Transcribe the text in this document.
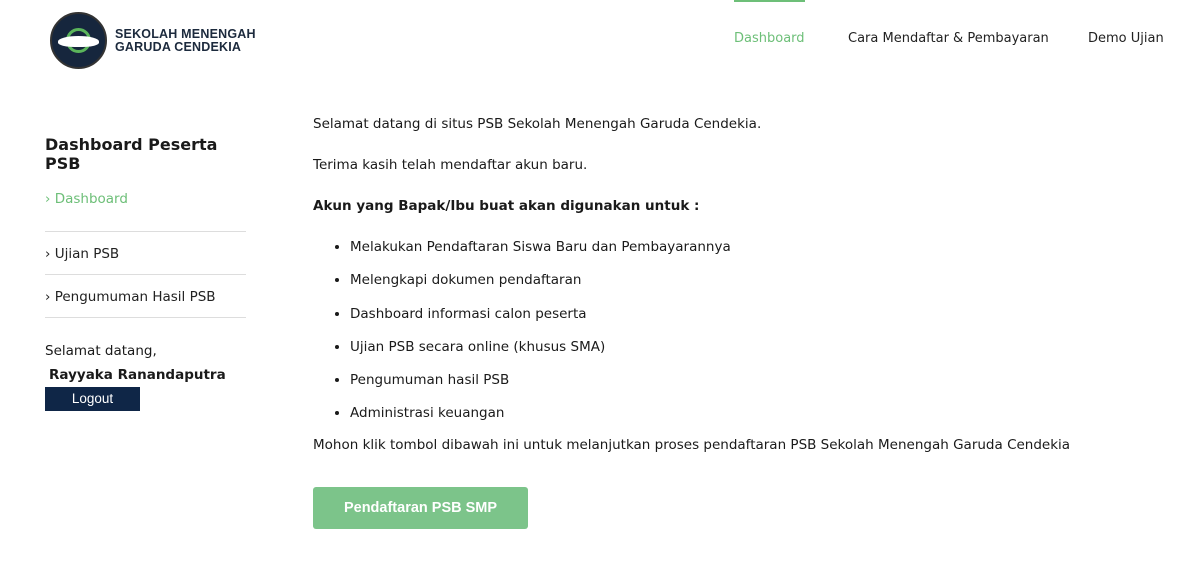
SEKOLAH MENENGAH
GARUDA CENDEKIA
Dashboard	Cara Mendaftar & Pembayaran	Demo Ujian
Dashboard Peserta PSB
› Dashboard
› Ujian PSB
› Pengumuman Hasil PSB
Selamat datang,
Rayyaka Ranandaputra
Logout

Selamat datang di situs PSB Sekolah Menengah Garuda Cendekia.

Terima kasih telah mendaftar akun baru.

Akun yang Bapak/Ibu buat akan digunakan untuk :

• Melakukan Pendaftaran Siswa Baru dan Pembayarannya
• Melengkapi dokumen pendaftaran
• Dashboard informasi calon peserta
• Ujian PSB secara online (khusus SMA)
• Pengumuman hasil PSB
• Administrasi keuangan

Mohon klik tombol dibawah ini untuk melanjutkan proses pendaftaran PSB Sekolah Menengah Garuda Cendekia

Pendaftaran PSB SMP
